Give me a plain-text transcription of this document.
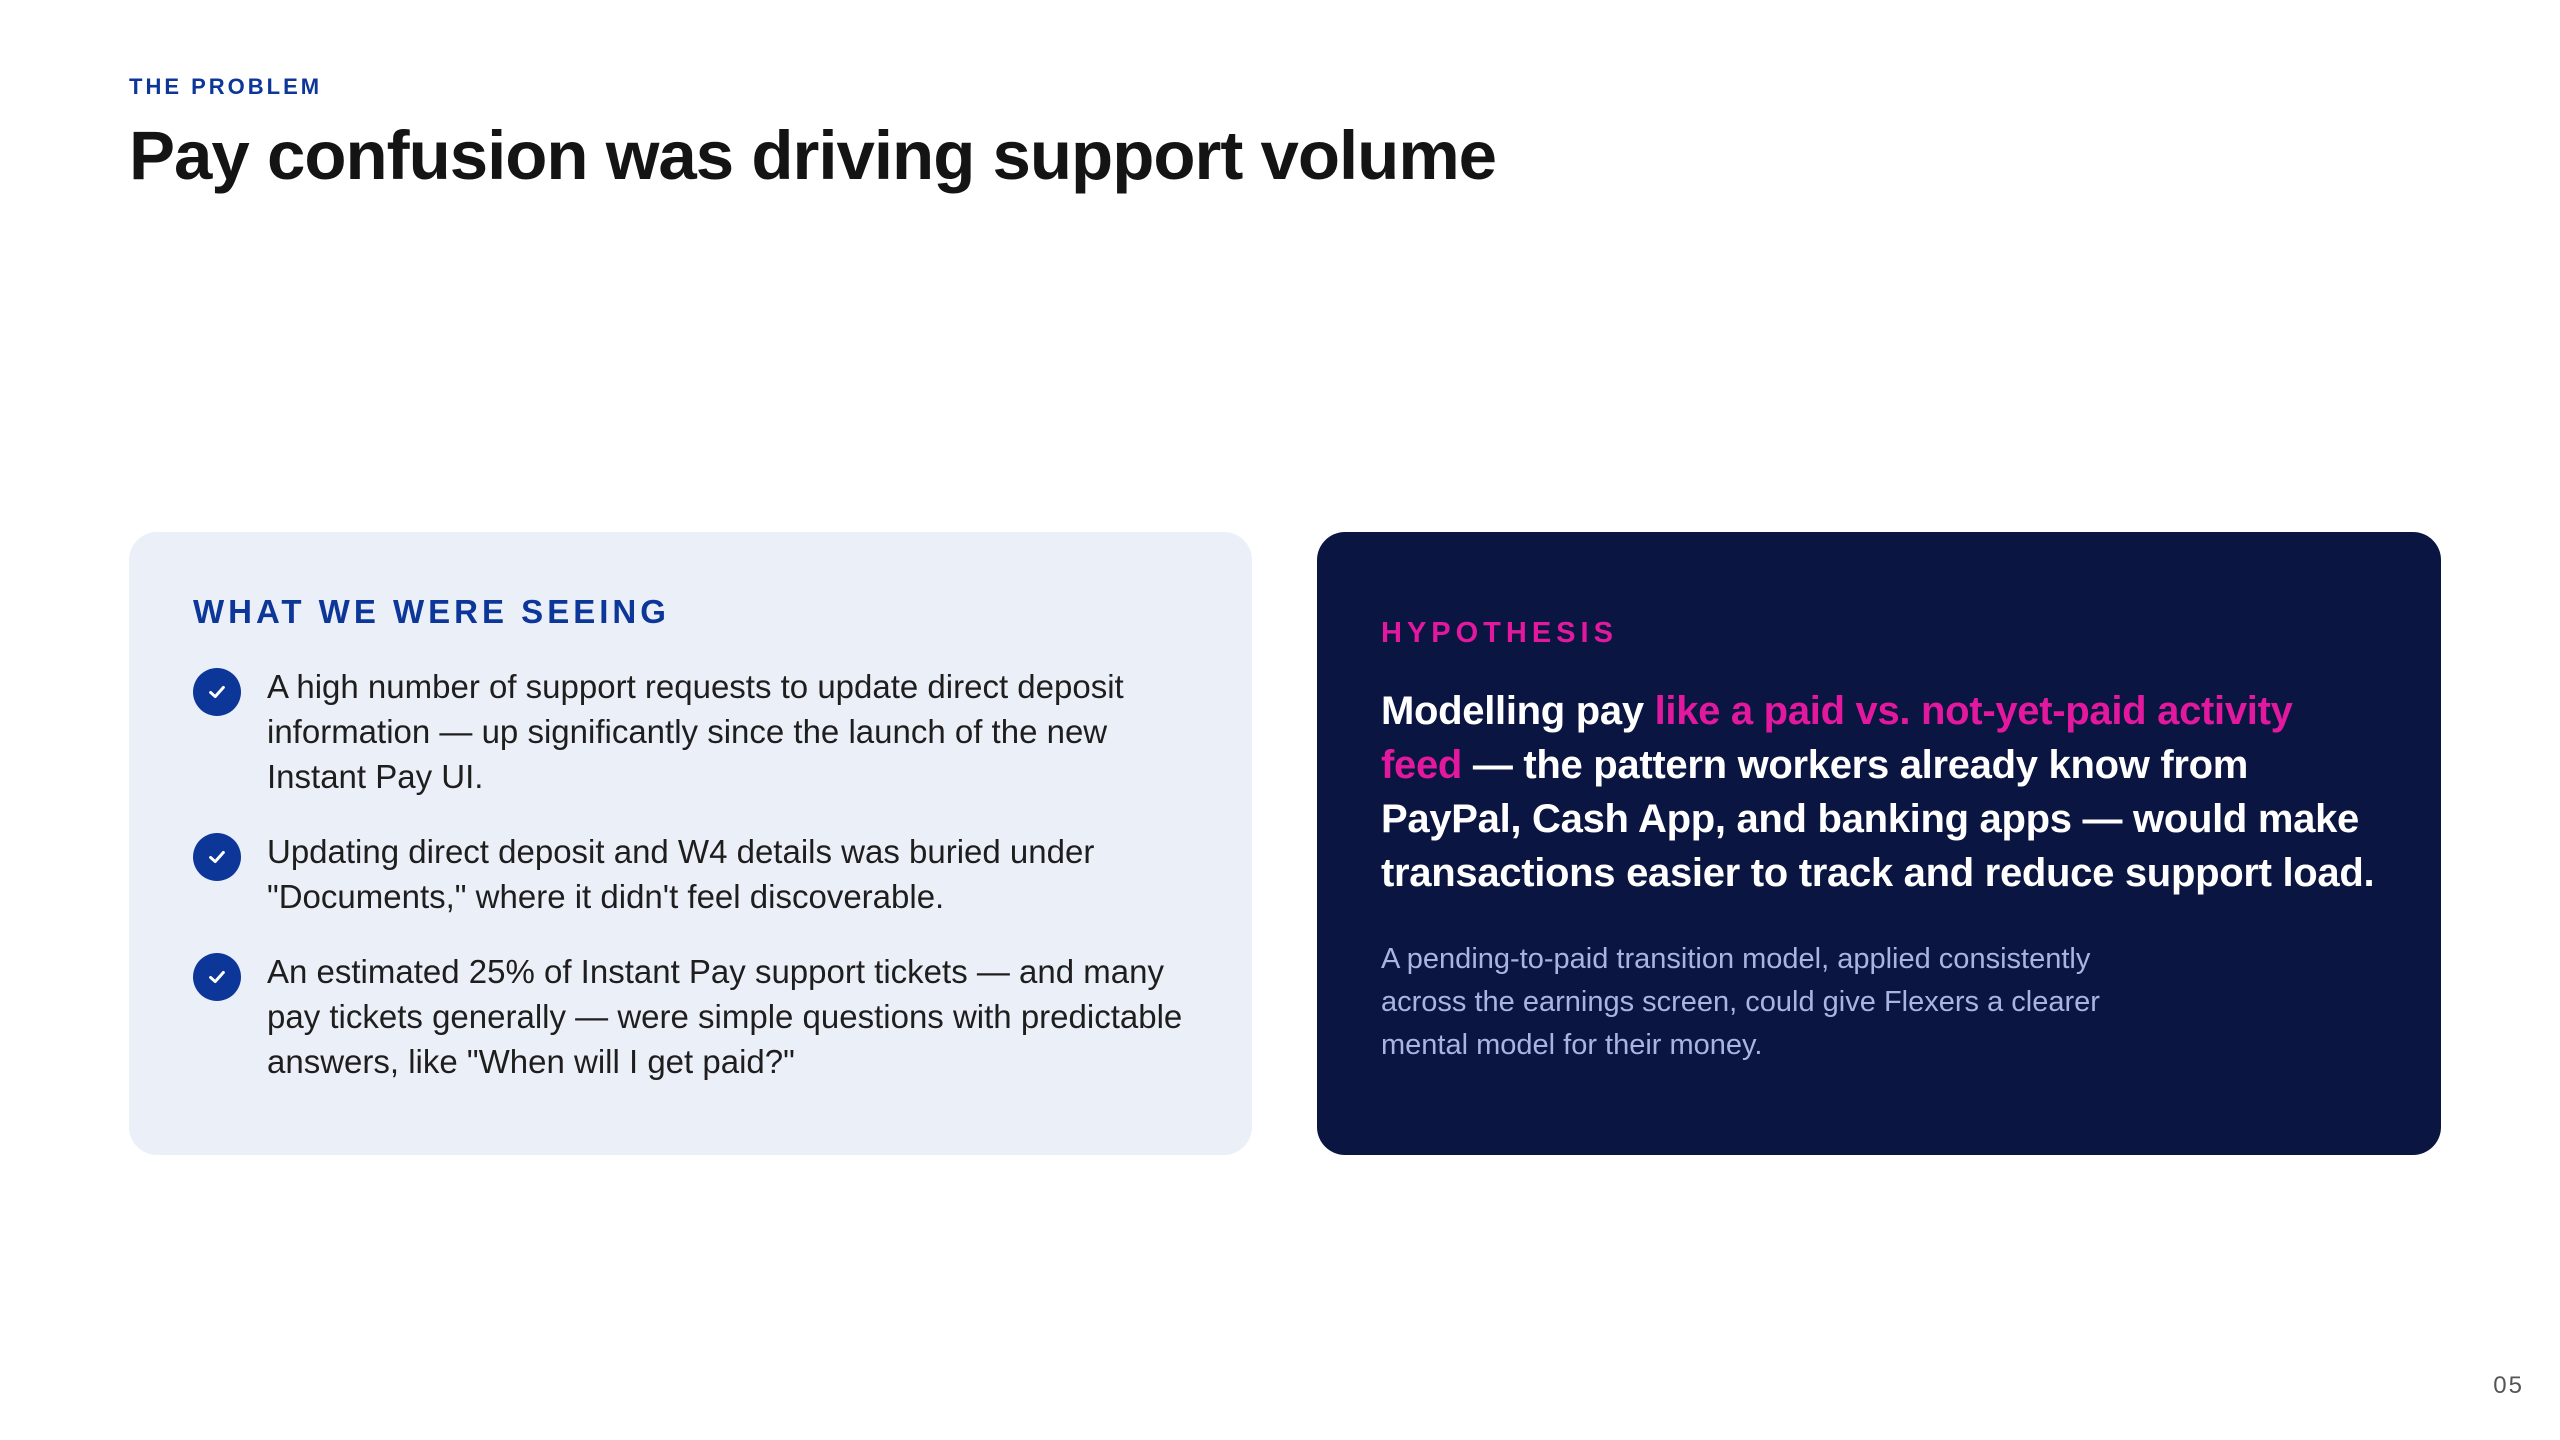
THE PROBLEM
Pay confusion was driving support volume
WHAT WE WERE SEEING
A high number of support requests to update direct deposit information — up significantly since the launch of the new Instant Pay UI.
Updating direct deposit and W4 details was buried under "Documents," where it didn't feel discoverable.
An estimated 25% of Instant Pay support tickets — and many pay tickets generally — were simple questions with predictable answers, like "When will I get paid?"
HYPOTHESIS

Modelling pay like a paid vs. not-yet-paid activity feed — the pattern workers already know from PayPal, Cash App, and banking apps — would make transactions easier to track and reduce support load.

A pending-to-paid transition model, applied consistently across the earnings screen, could give Flexers a clearer mental model for their money.

05
